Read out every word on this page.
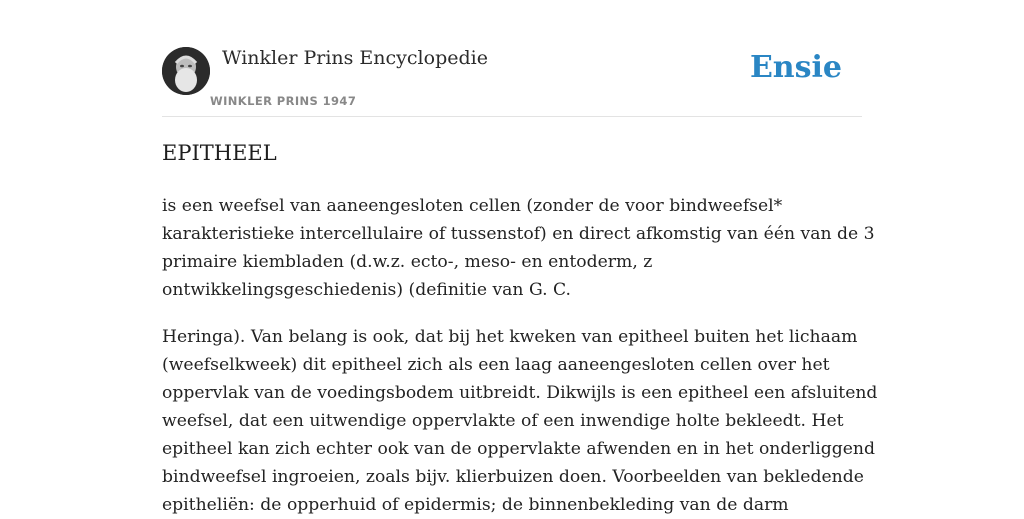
Winkler Prins Encyclopedie
WINKLER PRINS 1947
Ensie
EPITHEEL

is een weefsel van aaneengesloten cellen (zonder de voor bindweefsel*
karakteristieke intercellulaire of tussenstof) en direct afkomstig van één van de 3
primaire kiembladen (d.w.z. ecto-, meso- en entoderm, z
ontwikkelingsgeschiedenis) (definitie van G. C.

Heringa). Van belang is ook, dat bij het kweken van epitheel buiten het lichaam
(weefselkweek) dit epitheel zich als een laag aaneengesloten cellen over het
oppervlak van de voedingsbodem uitbreidt. Dikwijls is een epitheel een afsluitend
weefsel, dat een uitwendige oppervlakte of een inwendige holte bekleedt. Het
epitheel kan zich echter ook van de oppervlakte afwenden en in het onderliggend
bindweefsel ingroeien, zoals bijv. klierbuizen doen. Voorbeelden van bekledende
epitheliën: de opperhuid of epidermis; de binnenbekleding van de darm
